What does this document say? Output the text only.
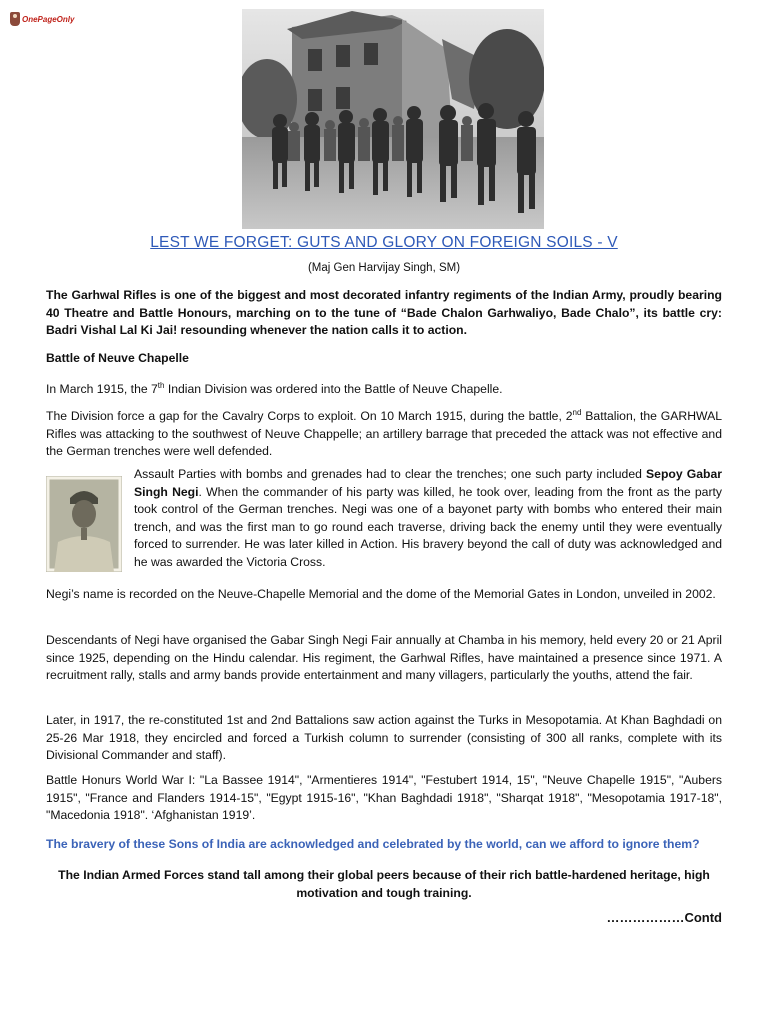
OnePageOnly
LEST WE FORGET: GUTS AND GLORY ON FOREIGN SOILS - V
(Maj Gen Harvijay Singh, SM)

The Garhwal Rifles is one of the biggest and most decorated infantry regiments of the Indian Army, proudly bearing 40 Theatre and Battle Honours, marching on to the tune of “Bade Chalon Garhwaliyo, Bade Chalo”, its battle cry: Badri Vishal Lal Ki Jai! resounding whenever the nation calls it to action.

Battle of Neuve Chapelle

In March 1915, the 7th Indian Division was ordered into the Battle of Neuve Chapelle.

The Division force a gap for the Cavalry Corps to exploit. On 10 March 1915, during the battle, 2nd Battalion, the GARHWAL Rifles was attacking to the southwest of Neuve Chappelle; an artillery barrage that preceded the attack was not effective and the German trenches were well defended.

Assault Parties with bombs and grenades had to clear the trenches; one such party included Sepoy Gabar Singh Negi. When the commander of his party was killed, he took over, leading from the front as the party took control of the German trenches. Negi was one of a bayonet party with bombs who entered their main trench, and was the first man to go round each traverse, driving back the enemy until they were eventually forced to surrender. He was later killed in Action. His bravery beyond the call of duty was acknowledged and he was awarded the Victoria Cross.

Negi’s name is recorded on the Neuve-Chapelle Memorial and the dome of the Memorial Gates in London, unveiled in 2002.

Descendants of Negi have organised the Gabar Singh Negi Fair annually at Chamba in his memory, held every 20 or 21 April since 1925, depending on the Hindu calendar. His regiment, the Garhwal Rifles, have maintained a presence since 1971. A recruitment rally, stalls and army bands provide entertainment and many villagers, particularly the youths, attend the fair.

Later, in 1917, the re-constituted 1st and 2nd Battalions saw action against the Turks in Mesopotamia. At Khan Baghdadi on 25-26 Mar 1918, they encircled and forced a Turkish column to surrender (consisting of 300 all ranks, complete with its Divisional Commander and staff).

Battle Honurs World War I: "La Bassee 1914", "Armentieres 1914", "Festubert 1914, 15", "Neuve Chapelle 1915", "Aubers 1915", "France and Flanders 1914-15", "Egypt 1915-16", "Khan Baghdadi 1918", "Sharqat 1918", "Mesopotamia 1917-18", "Macedonia 1918". ‘Afghanistan 1919’.

The bravery of these Sons of India are acknowledged and celebrated by the world, can we afford to ignore them?

The Indian Armed Forces stand tall among their global peers because of their rich battle-hardened heritage, high motivation and tough training.

………………Contd
